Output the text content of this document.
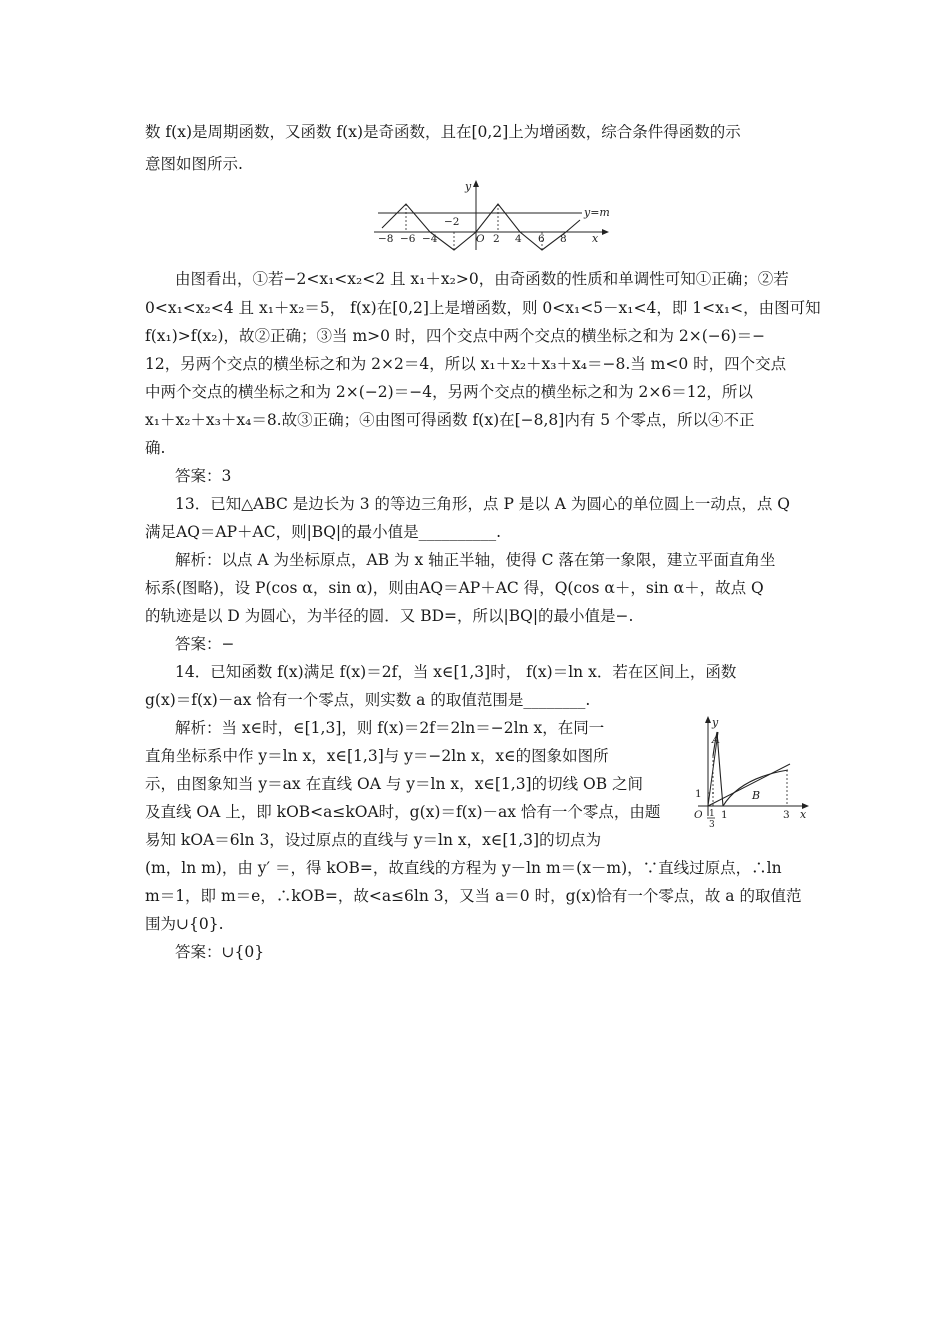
数 f(x)是周期函数，又函数 f(x)是奇函数，且在[0,2]上为增函数，综合条件得函数的示
意图如图所示.
y
x
y=m
−2
O
−8 −6 −4	2 4 6 8
由图看出，①若−2<x₁<x₂<2 且 x₁＋x₂>0，由奇函数的性质和单调性可知①正确；②若
0<x₁<x₂<4 且 x₁＋x₂＝5， f(x)在[0,2]上是增函数，则 0<x₁<5－x₁<4，即 1<x₁<，由图可知
f(x₁)>f(x₂)，故②正确；③当 m>0 时，四个交点中两个交点的横坐标之和为 2×(−6)＝−
12，另两个交点的横坐标之和为 2×2＝4，所以 x₁＋x₂＋x₃＋x₄＝−8.当 m<0 时，四个交点
中两个交点的横坐标之和为 2×(−2)＝−4，另两个交点的横坐标之和为 2×6＝12，所以
x₁＋x₂＋x₃＋x₄＝8.故③正确；④由图可得函数 f(x)在[−8,8]内有 5 个零点，所以④不正
确.
答案：3
13．已知△ABC 是边长为 3 的等边三角形，点 P 是以 A 为圆心的单位圆上一动点，点 Q
满足AQ＝AP＋AC，则|BQ|的最小值是__________.
解析：以点 A 为坐标原点，AB 为 x 轴正半轴，使得 C 落在第一象限，建立平面直角坐
标系(图略)，设 P(cos α，sin α)，则由AQ＝AP＋AC 得，Q(cos α＋，sin α＋，故点 Q
的轨迹是以 D 为圆心，为半径的圆．又 BD=，所以|BQ|的最小值是−.
答案：−
14．已知函数 f(x)满足 f(x)＝2f，当 x∈[1,3]时， f(x)＝ln x．若在区间上，函数
g(x)＝f(x)－ax 恰有一个零点，则实数 a 的取值范围是________.
解析：当 x∈时，∈[1,3]，则 f(x)＝2f＝2ln＝−2ln x，在同一
直角坐标系中作 y＝ln x，x∈[1,3]与 y＝−2ln x，x∈的图象如图所
示，由图象知当 y＝ax 在直线 OA 与 y＝ln x，x∈[1,3]的切线 OB 之间
及直线 OA 上，即 kOB<a≤kOA时，g(x)＝f(x)－ax 恰有一个零点，由题
易知 kOA＝6ln 3，设过原点的直线与 y＝ln x，x∈[1,3]的切点为
(m，ln m)，由 y′ ＝，得 kOB=，故直线的方程为 y－ln m＝(x－m)，∵直线过原点，∴ln
m＝1，即 m＝e，∴kOB=，故<a≤6ln 3，又当 a＝0 时，g(x)恰有一个零点，故 a 的取值范
围为∪{0}.
答案：∪{0}
y
x
A
B
1
O 1
3
1	3
